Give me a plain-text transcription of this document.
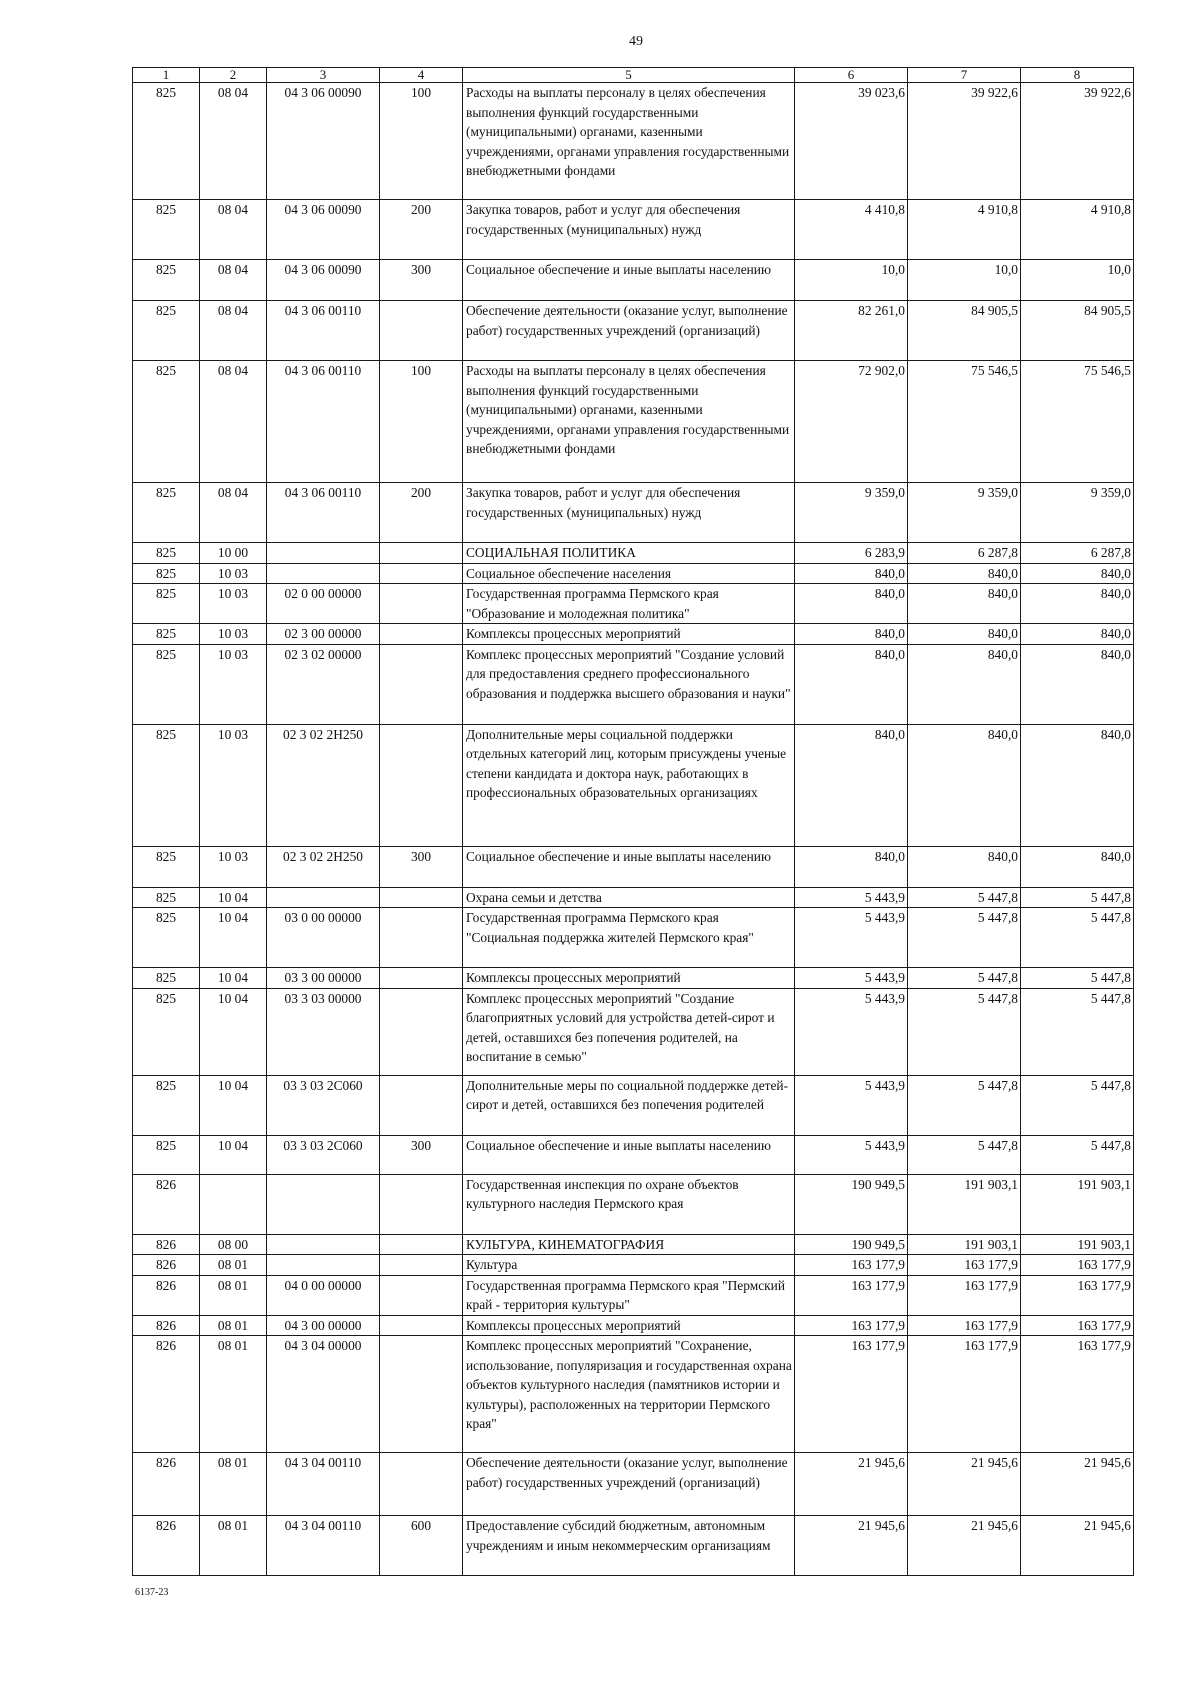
49
1	2	3	4	5	6	7	8
825	08 04	04 3 06 00090	100	Расходы на выплаты персоналу в целях обеспечения выполнения функций государственными (муниципальными) органами, казенными учреждениями, органами управления государственными внебюджетными фондами	39 023,6	39 922,6	39 922,6
825	08 04	04 3 06 00090	200	Закупка товаров, работ и услуг для обеспечения государственных (муниципальных) нужд	4 410,8	4 910,8	4 910,8
825	08 04	04 3 06 00090	300	Социальное обеспечение и иные выплаты населению	10,0	10,0	10,0
825	08 04	04 3 06 00110		Обеспечение деятельности (оказание услуг, выполнение работ) государственных учреждений (организаций)	82 261,0	84 905,5	84 905,5
825	08 04	04 3 06 00110	100	Расходы на выплаты персоналу в целях обеспечения выполнения функций государственными (муниципальными) органами, казенными учреждениями, органами управления государственными внебюджетными фондами	72 902,0	75 546,5	75 546,5
825	08 04	04 3 06 00110	200	Закупка товаров, работ и услуг для обеспечения государственных (муниципальных) нужд	9 359,0	9 359,0	9 359,0
825	10 00			СОЦИАЛЬНАЯ ПОЛИТИКА	6 283,9	6 287,8	6 287,8
825	10 03			Социальное обеспечение населения	840,0	840,0	840,0
825	10 03	02 0 00 00000		Государственная программа Пермского края "Образование и молодежная политика"	840,0	840,0	840,0
825	10 03	02 3 00 00000		Комплексы процессных мероприятий	840,0	840,0	840,0
825	10 03	02 3 02 00000		Комплекс процессных мероприятий "Создание условий для предоставления среднего профессионального образования и поддержка высшего образования и науки"	840,0	840,0	840,0
825	10 03	02 3 02 2Н250		Дополнительные меры социальной поддержки отдельных категорий лиц, которым присуждены ученые степени кандидата и доктора наук, работающих в профессиональных образовательных организациях	840,0	840,0	840,0
825	10 03	02 3 02 2Н250	300	Социальное обеспечение и иные выплаты населению	840,0	840,0	840,0
825	10 04			Охрана семьи и детства	5 443,9	5 447,8	5 447,8
825	10 04	03 0 00 00000		Государственная программа Пермского края "Социальная поддержка жителей Пермского края"	5 443,9	5 447,8	5 447,8
825	10 04	03 3 00 00000		Комплексы процессных мероприятий	5 443,9	5 447,8	5 447,8
825	10 04	03 3 03 00000		Комплекс процессных мероприятий "Создание благоприятных условий для устройства детей-сирот и детей, оставшихся без попечения родителей, на воспитание в семью"	5 443,9	5 447,8	5 447,8
825	10 04	03 3 03 2С060		Дополнительные меры по социальной поддержке детей-сирот и детей, оставшихся без попечения родителей	5 443,9	5 447,8	5 447,8
825	10 04	03 3 03 2С060	300	Социальное обеспечение и иные выплаты населению	5 443,9	5 447,8	5 447,8
826				Государственная инспекция по охране объектов культурного наследия Пермского края	190 949,5	191 903,1	191 903,1
826	08 00			КУЛЬТУРА, КИНЕМАТОГРАФИЯ	190 949,5	191 903,1	191 903,1
826	08 01			Культура	163 177,9	163 177,9	163 177,9
826	08 01	04 0 00 00000		Государственная программа Пермского края "Пермский край - территория культуры"	163 177,9	163 177,9	163 177,9
826	08 01	04 3 00 00000		Комплексы процессных мероприятий	163 177,9	163 177,9	163 177,9
826	08 01	04 3 04 00000		Комплекс процессных мероприятий "Сохранение, использование, популяризация и государственная охрана объектов культурного наследия (памятников истории и культуры), расположенных на территории Пермского края"	163 177,9	163 177,9	163 177,9
826	08 01	04 3 04 00110		Обеспечение деятельности (оказание услуг, выполнение работ) государственных учреждений (организаций)	21 945,6	21 945,6	21 945,6
826	08 01	04 3 04 00110	600	Предоставление субсидий бюджетным, автономным учреждениям и иным некоммерческим организациям	21 945,6	21 945,6	21 945,6
6137-23
